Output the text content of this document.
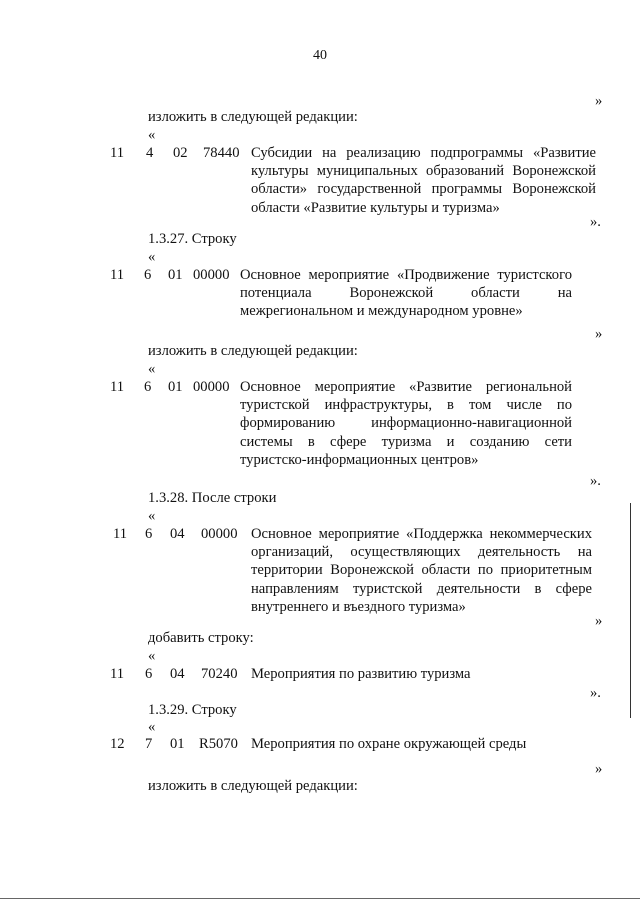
40
»
изложить в следующей редакции:
«
11 4 02 78440 Субсидии на реализацию подпрограммы «Развитие культуры муниципальных образований Воронежской области» государственной программы Воронежской области «Развитие культуры и туризма»
».
1.3.27. Строку
«
11 6 01 00000 Основное мероприятие «Продвижение туристского потенциала Воронежской области на межрегиональном и международном уровне»
»
изложить в следующей редакции:
«
11 6 01 00000 Основное мероприятие «Развитие региональной туристской инфраструктуры, в том числе по формированию информационно-навигационной системы в сфере туризма и созданию сети туристско-информационных центров»
».
1.3.28. После строки
«
11 6 04 00000 Основное мероприятие «Поддержка некоммерческих организаций, осуществляющих деятельность на территории Воронежской области по приоритетным направлениям туристской деятельности в сфере внутреннего и въездного туризма»
»
добавить строку:
«
11 6 04 70240 Мероприятия по развитию туризма
».
1.3.29. Строку
«
12 7 01 R5070 Мероприятия по охране окружающей среды
»
изложить в следующей редакции:
